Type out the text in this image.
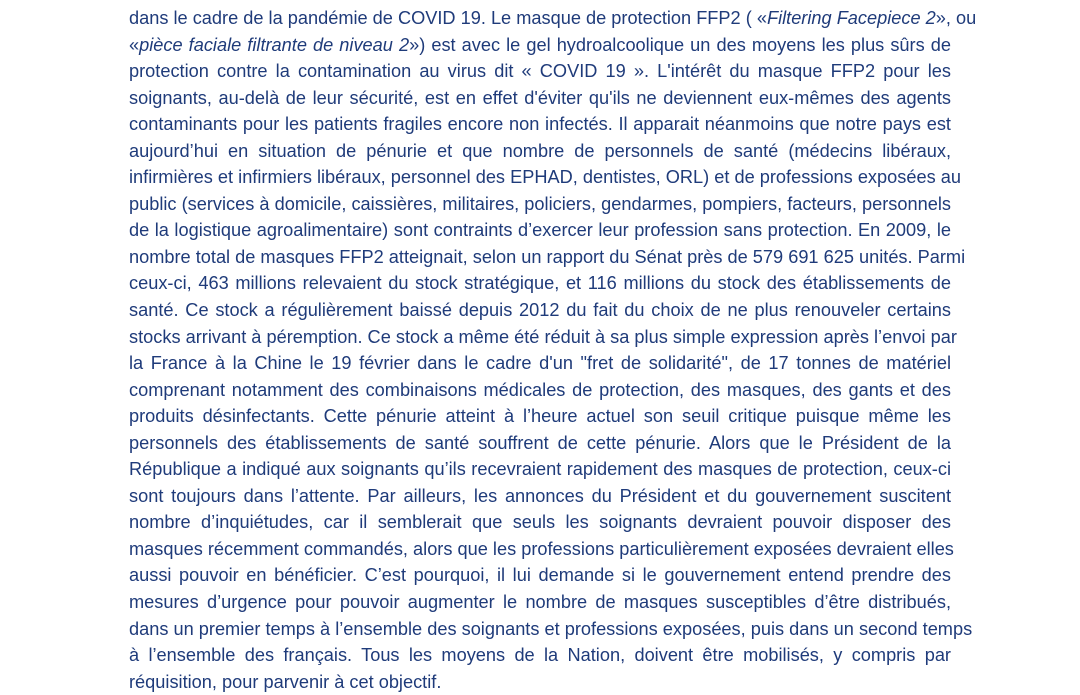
dans le cadre de la pandémie de COVID 19. Le masque de protection FFP2 ( «Filtering Facepiece 2», ou
«pièce faciale filtrante de niveau 2») est avec le gel hydroalcoolique un des moyens les plus sûrs de
protection contre la contamination au virus dit « COVID 19 ». L'intérêt du masque FFP2 pour les
soignants, au-delà de leur sécurité, est en effet d'éviter qu'ils ne deviennent eux-mêmes des agents
contaminants pour les patients fragiles encore non infectés. Il apparait néanmoins que notre pays est
aujourd’hui en situation de pénurie et que nombre de personnels de santé (médecins libéraux,
infirmières et infirmiers libéraux, personnel des EPHAD, dentistes, ORL) et de professions exposées au
public (services à domicile, caissières, militaires, policiers, gendarmes, pompiers, facteurs, personnels
de la logistique agroalimentaire) sont contraints d’exercer leur profession sans protection. En 2009, le
nombre total de masques FFP2 atteignait, selon un rapport du Sénat près de 579 691 625 unités. Parmi
ceux-ci, 463 millions relevaient du stock stratégique, et 116 millions du stock des établissements de
santé. Ce stock a régulièrement baissé depuis 2012 du fait du choix de ne plus renouveler certains
stocks arrivant à péremption. Ce stock a même été réduit à sa plus simple expression après l’envoi par
la France à la Chine le 19 février dans le cadre d'un "fret de solidarité", de 17 tonnes de matériel
comprenant notamment des combinaisons médicales de protection, des masques, des gants et des
produits désinfectants. Cette pénurie atteint à l’heure actuel son seuil critique puisque même les
personnels des établissements de santé souffrent de cette pénurie. Alors que le Président de la
République a indiqué aux soignants qu’ils recevraient rapidement des masques de protection, ceux-ci
sont toujours dans l’attente. Par ailleurs, les annonces du Président et du gouvernement suscitent
nombre d’inquiétudes, car il semblerait que seuls les soignants devraient pouvoir disposer des
masques récemment commandés, alors que les professions particulièrement exposées devraient elles
aussi pouvoir en bénéficier. C’est pourquoi, il lui demande si le gouvernement entend prendre des
mesures d’urgence pour pouvoir augmenter le nombre de masques susceptibles d’être distribués,
dans un premier temps à l’ensemble des soignants et professions exposées, puis dans un second temps
à l’ensemble des français. Tous les moyens de la Nation, doivent être mobilisés, y compris par
réquisition, pour parvenir à cet objectif.
